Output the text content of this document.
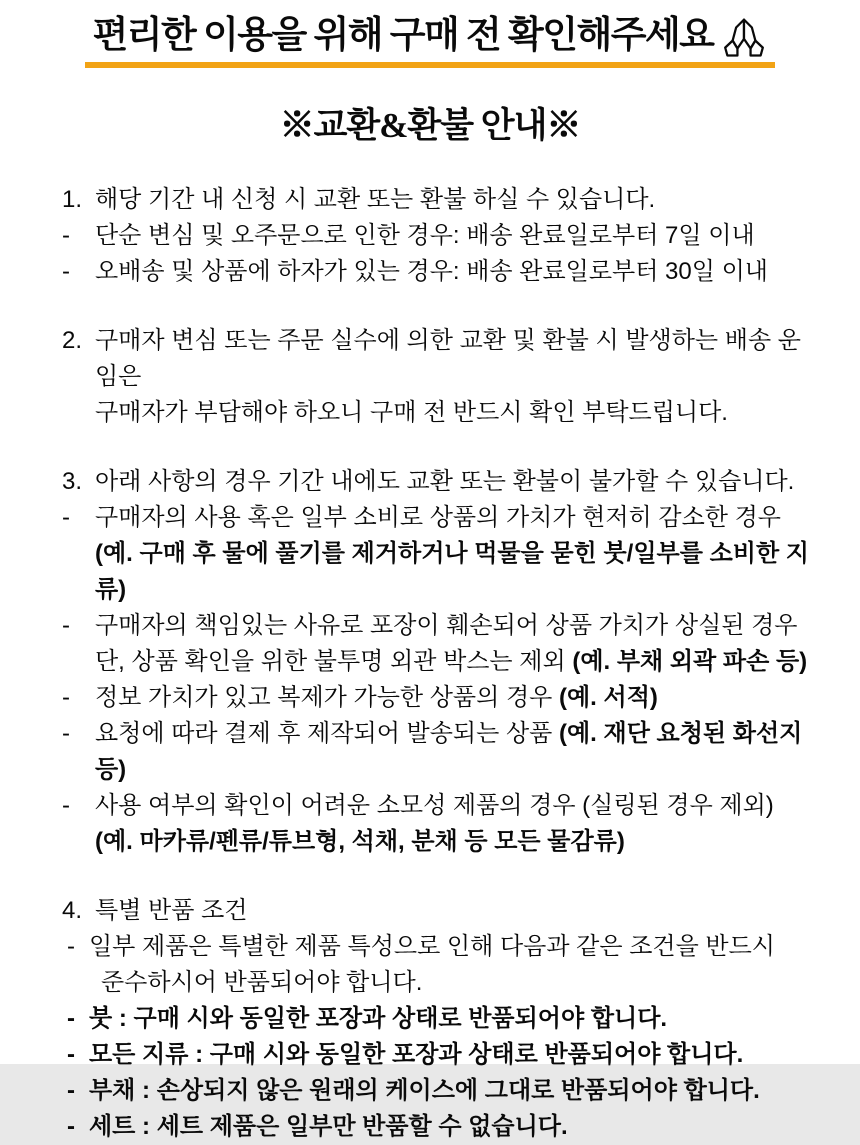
편리한 이용을 위해 구매 전 확인해주세요
※교환&환불 안내※
1. 해당 기간 내 신청 시 교환 또는 환불 하실 수 있습니다.
-	단순 변심 및 오주문으로 인한 경우: 배송 완료일로부터 7일 이내
-	오배송 및 상품에 하자가 있는 경우: 배송 완료일로부터 30일 이내
2. 구매자 변심 또는 주문 실수에 의한 교환 및 환불 시 발생하는 배송 운임은
구매자가 부담해야 하오니 구매 전 반드시 확인 부탁드립니다.
3. 아래 사항의 경우 기간 내에도 교환 또는 환불이 불가할 수 있습니다.
-	구매자의 사용 혹은 일부 소비로 상품의 가치가 현저히 감소한 경우
(예. 구매 후 물에 풀기를 제거하거나 먹물을 묻힌 붓/일부를 소비한 지류)
-	구매자의 책임있는 사유로 포장이 훼손되어 상품 가치가 상실된 경우
단, 상품 확인을 위한 불투명 외관 박스는 제외 (예. 부채 외곽 파손 등)
-	정보 가치가 있고 복제가 가능한 상품의 경우 (예. 서적)
-	요청에 따라 결제 후 제작되어 발송되는 상품 (예. 재단 요청된 화선지 등)
-	사용 여부의 확인이 어려운 소모성 제품의 경우 (실링된 경우 제외)
(예. 마카류/펜류/튜브형, 석채, 분채 등 모든 물감류)
4. 특별 반품 조건
- 일부 제품은 특별한 제품 특성으로 인해 다음과 같은 조건을 반드시
준수하시어 반품되어야 합니다.
- 붓 : 구매 시와 동일한 포장과 상태로 반품되어야 합니다.
- 모든 지류 : 구매 시와 동일한 포장과 상태로 반품되어야 합니다.
- 부채 : 손상되지 않은 원래의 케이스에 그대로 반품되어야 합니다.
- 세트 : 세트 제품은 일부만 반품할 수 없습니다.
